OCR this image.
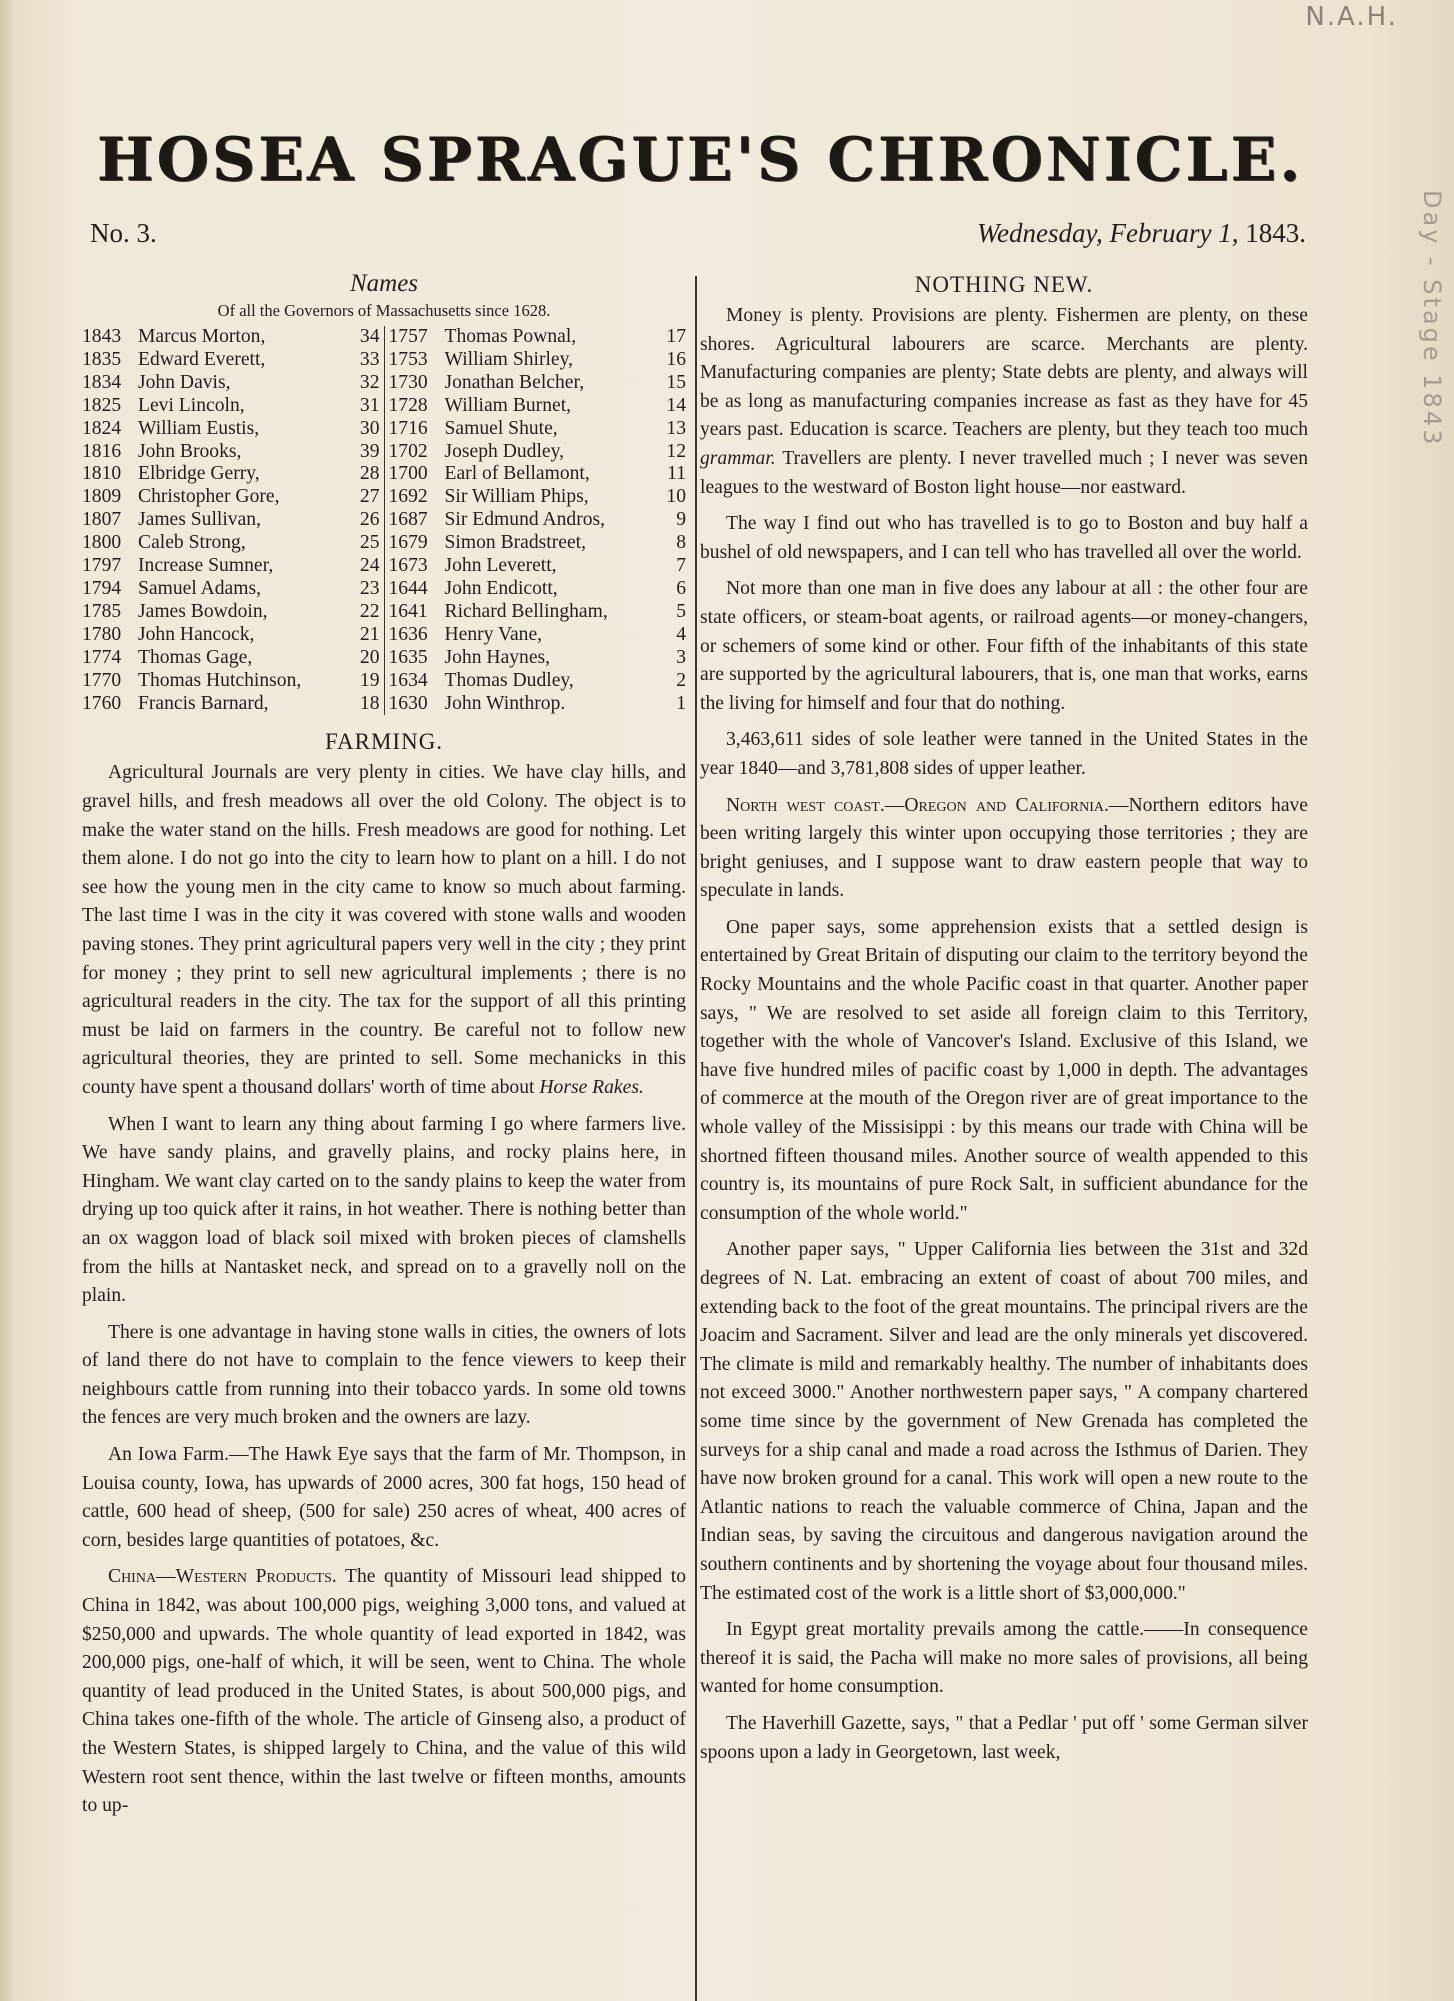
N.A.H.
Day - Stage 1843
HOSEA SPRAGUE'S CHRONICLE.
No. 3.	Wednesday, February 1, 1843.
Names
Of all the Governors of Massachusetts since 1628.
1843 Marcus Morton,	34
1835 Edward Everett,	33
1834 John Davis,	32
1825 Levi Lincoln,	31
1824 William Eustis,	30
1816 John Brooks,	39
1810 Elbridge Gerry,	28
1809 Christopher Gore,	27
1807 James Sullivan,	26
1800 Caleb Strong,	25
1797 Increase Sumner,	24
1794 Samuel Adams,	23
1785 James Bowdoin,	22
1780 John Hancock,	21
1774 Thomas Gage,	20
1770 Thomas Hutchinson,	19
1760 Francis Barnard,	18
1757 Thomas Pownal,	17
1753 William Shirley,	16
1730 Jonathan Belcher,	15
1728 William Burnet,	14
1716 Samuel Shute,	13
1702 Joseph Dudley,	12
1700 Earl of Bellamont,	11
1692 Sir William Phips,	10
1687 Sir Edmund Andros,	9
1679 Simon Bradstreet,	8
1673 John Leverett,	7
1644 John Endicott,	6
1641 Richard Bellingham,	5
1636 Henry Vane,	4
1635 John Haynes,	3
1634 Thomas Dudley,	2
1630 John Winthrop.	1
FARMING.

Agricultural Journals are very plenty in cities. We have clay hills, and gravel hills, and fresh meadows all over the old Colony. The object is to make the water stand on the hills. Fresh meadows are good for nothing. Let them alone. I do not go into the city to learn how to plant on a hill. I do not see how the young men in the city came to know so much about farming. The last time I was in the city it was covered with stone walls and wooden paving stones. They print agricultural papers very well in the city ; they print for money ; they print to sell new agricultural implements ; there is no agricultural readers in the city. The tax for the support of all this printing must be laid on farmers in the country. Be careful not to follow new agricultural theories, they are printed to sell. Some mechanicks in this county have spent a thousand dollars' worth of time about Horse Rakes.

When I want to learn any thing about farming I go where farmers live. We have sandy plains, and gravelly plains, and rocky plains here, in Hingham. We want clay carted on to the sandy plains to keep the water from drying up too quick after it rains, in hot weather. There is nothing better than an ox waggon load of black soil mixed with broken pieces of clamshells from the hills at Nantasket neck, and spread on to a gravelly noll on the plain.

There is one advantage in having stone walls in cities, the owners of lots of land there do not have to complain to the fence viewers to keep their neighbours cattle from running into their tobacco yards. In some old towns the fences are very much broken and the owners are lazy.

An Iowa Farm.—The Hawk Eye says that the farm of Mr. Thompson, in Louisa county, Iowa, has upwards of 2000 acres, 300 fat hogs, 150 head of cattle, 600 head of sheep, (500 for sale) 250 acres of wheat, 400 acres of corn, besides large quantities of potatoes, &c.

China—Western Products. The quantity of Missouri lead shipped to China in 1842, was about 100,000 pigs, weighing 3,000 tons, and valued at $250,000 and upwards. The whole quantity of lead exported in 1842, was 200,000 pigs, one-half of which, it will be seen, went to China. The whole quantity of lead produced in the United States, is about 500,000 pigs, and China takes one-fifth of the whole. The article of Ginseng also, a product of the Western States, is shipped largely to China, and the value of this wild Western root sent thence, within the last twelve or fifteen months, amounts to up-

NOTHING NEW.

Money is plenty. Provisions are plenty. Fishermen are plenty, on these shores. Agricultural labourers are scarce. Merchants are plenty. Manufacturing companies are plenty; State debts are plenty, and always will be as long as manufacturing companies increase as fast as they have for 45 years past. Education is scarce. Teachers are plenty, but they teach too much grammar. Travellers are plenty. I never travelled much ; I never was seven leagues to the westward of Boston light house—nor eastward.

The way I find out who has travelled is to go to Boston and buy half a bushel of old newspapers, and I can tell who has travelled all over the world.

Not more than one man in five does any labour at all : the other four are state officers, or steam-boat agents, or railroad agents—or money-changers, or schemers of some kind or other. Four fifth of the inhabitants of this state are supported by the agricultural labourers, that is, one man that works, earns the living for himself and four that do nothing.

3,463,611 sides of sole leather were tanned in the United States in the year 1840—and 3,781,808 sides of upper leather.

North west coast.—Oregon and California.—Northern editors have been writing largely this winter upon occupying those territories ; they are bright geniuses, and I suppose want to draw eastern people that way to speculate in lands.

One paper says, some apprehension exists that a settled design is entertained by Great Britain of disputing our claim to the territory beyond the Rocky Mountains and the whole Pacific coast in that quarter. Another paper says, " We are resolved to set aside all foreign claim to this Territory, together with the whole of Vancover's Island. Exclusive of this Island, we have five hundred miles of pacific coast by 1,000 in depth. The advantages of commerce at the mouth of the Oregon river are of great importance to the whole valley of the Missisippi : by this means our trade with China will be shortned fifteen thousand miles. Another source of wealth appended to this country is, its mountains of pure Rock Salt, in sufficient abundance for the consumption of the whole world."

Another paper says, " Upper California lies between the 31st and 32d degrees of N. Lat. embracing an extent of coast of about 700 miles, and extending back to the foot of the great mountains. The principal rivers are the Joacim and Sacrament. Silver and lead are the only minerals yet discovered. The climate is mild and remarkably healthy. The number of inhabitants does not exceed 3000." Another northwestern paper says, " A company chartered some time since by the government of New Grenada has completed the surveys for a ship canal and made a road across the Isthmus of Darien. They have now broken ground for a canal. This work will open a new route to the Atlantic nations to reach the valuable commerce of China, Japan and the Indian seas, by saving the circuitous and dangerous navigation around the southern continents and by shortening the voyage about four thousand miles. The estimated cost of the work is a little short of $3,000,000."

In Egypt great mortality prevails among the cattle.——In consequence thereof it is said, the Pacha will make no more sales of provisions, all being wanted for home consumption.

The Haverhill Gazette, says, " that a Pedlar ' put off ' some German silver spoons upon a lady in Georgetown, last week,
